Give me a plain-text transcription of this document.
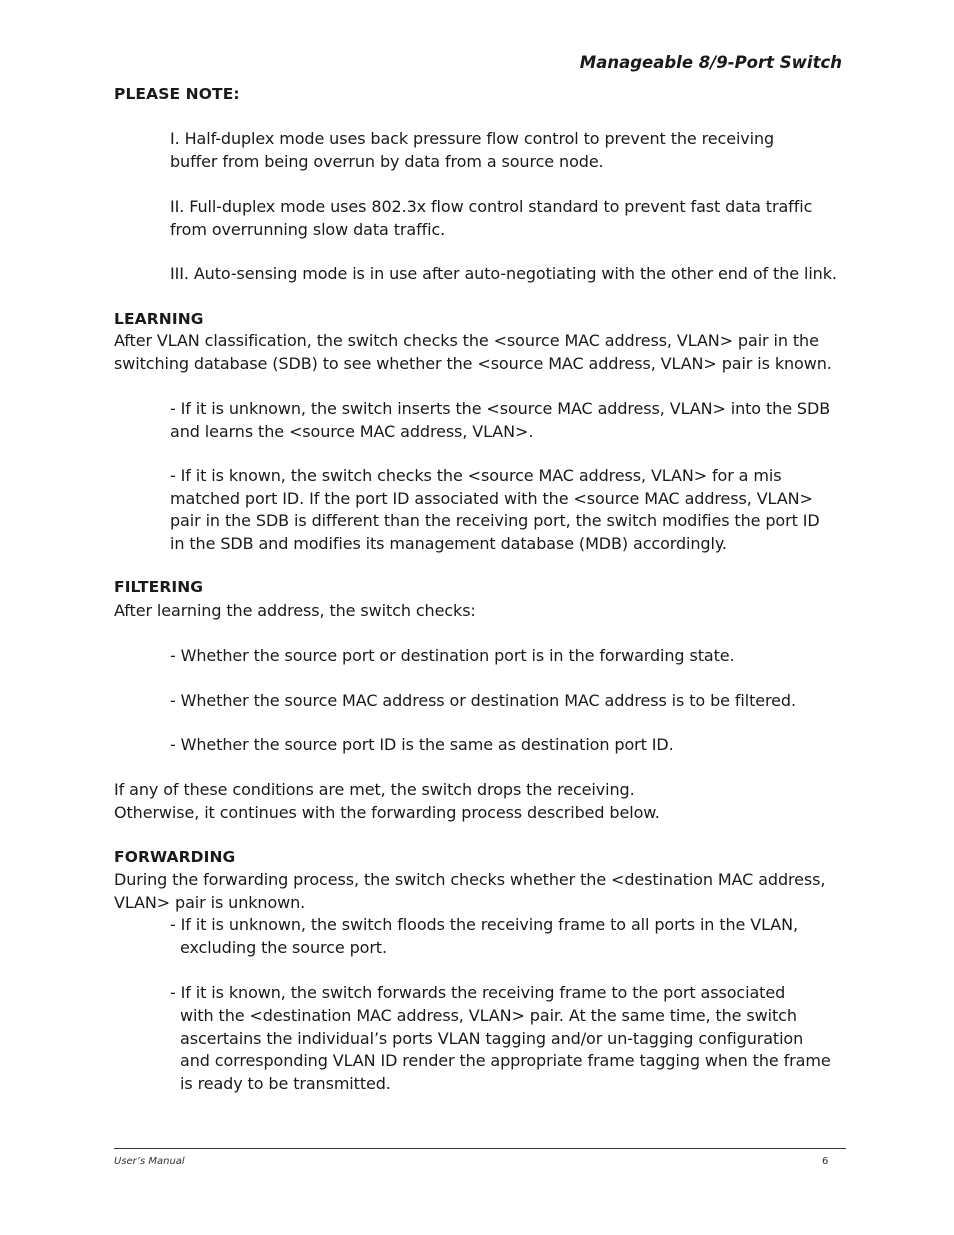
Manageable 8/9-Port Switch
PLEASE NOTE:
I. Half-duplex mode uses back pressure flow control to prevent the receiving
buffer from being overrun by data from a source node.
II. Full-duplex mode uses 802.3x flow control standard to prevent fast data traffic
from overrunning slow data traffic.
III. Auto-sensing mode is in use after auto-negotiating with the other end of the link.
LEARNING
After VLAN classification, the switch checks the <source MAC address, VLAN> pair in the
switching database (SDB) to see whether the <source MAC address, VLAN> pair is known.
- If it is unknown, the switch inserts the <source MAC address, VLAN> into the SDB
and learns the <source MAC address, VLAN>.
- If it is known, the switch checks the <source MAC address, VLAN> for a mis
matched port ID. If the port ID associated with the <source MAC address, VLAN>
pair in the SDB is different than the receiving port, the switch modifies the port ID
in the SDB and modifies its management database (MDB) accordingly.
FILTERING
After learning the address, the switch checks:
- Whether the source port or destination port is in the forwarding state.
- Whether the source MAC address or destination MAC address is to be filtered.
- Whether the source port ID is the same as destination port ID.
If any of these conditions are met, the switch drops the receiving.
Otherwise, it continues with the forwarding process described below.
FORWARDING
During the forwarding process, the switch checks whether the <destination MAC address,
VLAN> pair is unknown.
- If it is unknown, the switch floods the receiving frame to all ports in the VLAN,
excluding the source port.
- If it is known, the switch forwards the receiving frame to the port associated
with the <destination MAC address, VLAN> pair. At the same time, the switch
ascertains the individual’s ports VLAN tagging and/or un-tagging configuration
and corresponding VLAN ID render the appropriate frame tagging when the frame
is ready to be transmitted.
User’s Manual	6
